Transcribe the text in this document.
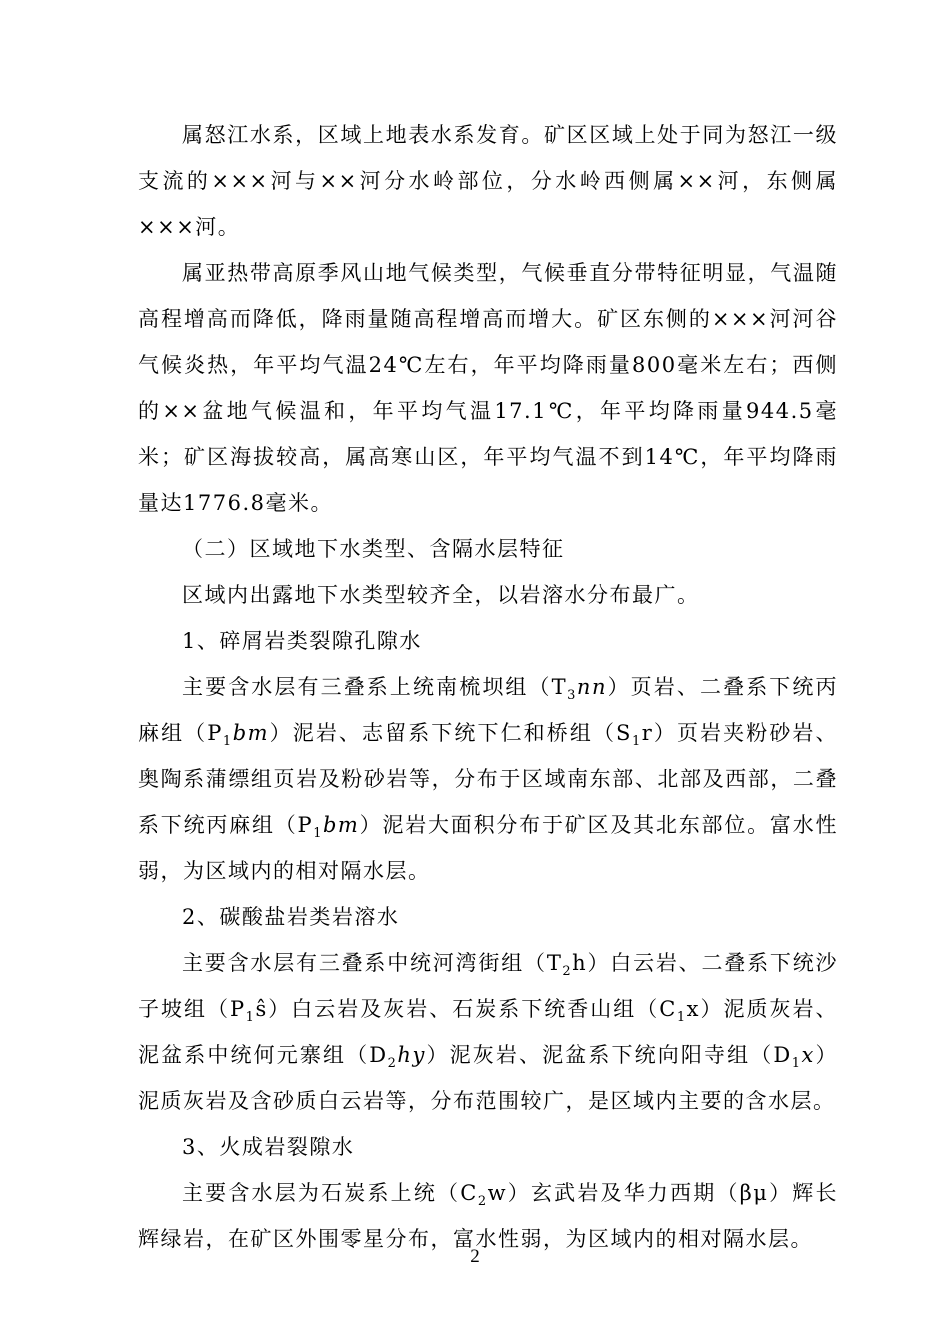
属怒江水系，区域上地表水系发育。矿区区域上处于同为怒江一级支流的×××河与××河分水岭部位，分水岭西侧属××河，东侧属×××河。

属亚热带高原季风山地气候类型，气候垂直分带特征明显，气温随高程增高而降低，降雨量随高程增高而增大。矿区东侧的×××河河谷气候炎热，年平均气温24℃左右，年平均降雨量800毫米左右；西侧的××盆地气候温和，年平均气温17.1℃，年平均降雨量944.5毫米；矿区海拔较高，属高寒山区，年平均气温不到14℃，年平均降雨量达1776.8毫米。

（二）区域地下水类型、含隔水层特征

区域内出露地下水类型较齐全，以岩溶水分布最广。

1、碎屑岩类裂隙孔隙水

主要含水层有三叠系上统南梳坝组$(T_3nn)$页岩、二叠系下统丙麻组$(P_1bm)$泥岩、志留系下统下仁和桥组$(S_1r)$页岩夹粉砂岩、奥陶系蒲缥组页岩及粉砂岩等，分布于区域南东部、北部及西部，二叠系下统丙麻组$(P_1bm)$泥岩大面积分布于矿区及其北东部位。富水性弱，为区域内的相对隔水层。

2、碳酸盐岩类岩溶水

主要含水层有三叠系中统河湾街组$(T_2h)$白云岩、二叠系下统沙子坡组$(P_1ŝ)$白云岩及灰岩、石炭系下统香山组$(C_1x)$泥质灰岩、泥盆系中统何元寨组$(D_2hy)$泥灰岩、泥盆系下统向阳寺组$(D_1x)$泥质灰岩及含砂质白云岩等，分布范围较广，是区域内主要的含水层。

3、火成岩裂隙水

主要含水层为石炭系上统$(C_2w)$玄武岩及华力西期（βμ）辉长辉绿岩，在矿区外围零星分布，富水性弱，为区域内的相对隔水层。

2
